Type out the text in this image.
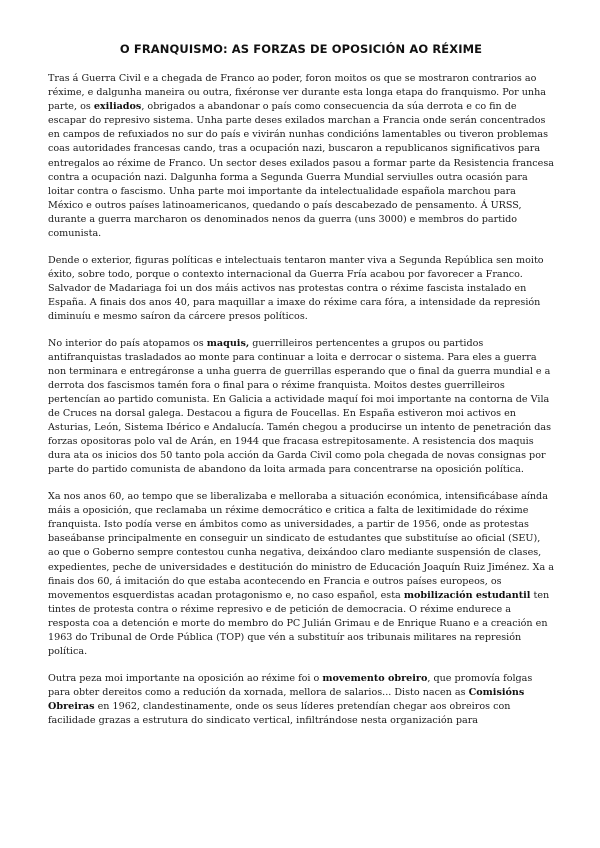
O FRANQUISMO: AS FORZAS DE OPOSICIÓN AO RÉXIME

Tras á Guerra Civil e a chegada de Franco ao poder, foron moitos os que se mostraron contrarios ao réxime, e dalgunha maneira ou outra, fixéronse ver durante esta longa etapa do franquismo. Por unha parte, os exiliados, obrigados a abandonar o país como consecuencia da súa derrota e co fin de escapar do represivo sistema. Unha parte deses exilados marchan a Francia onde serán concentrados en campos de refuxiados no sur do país e vivirán nunhas condicións lamentables ou tiveron problemas coas autoridades francesas cando, tras a ocupación nazi, buscaron a republicanos significativos para entregalos ao réxime de Franco. Un sector deses exilados pasou a formar parte da Resistencia francesa contra a ocupación nazi. Dalgunha forma a Segunda Guerra Mundial serviulles outra ocasión para loitar contra o fascismo. Unha parte moi importante da intelectualidade española marchou para México e outros países latinoamericanos, quedando o país descabezado de pensamento. Á URSS, durante a guerra marcharon os denominados nenos da guerra (uns 3000) e membros do partido comunista.

Dende o exterior, figuras políticas e intelectuais tentaron manter viva a Segunda República sen moito éxito, sobre todo, porque o contexto internacional da Guerra Fría acabou por favorecer a Franco. Salvador de Madariaga foi un dos máis activos nas protestas contra o réxime fascista instalado en España. A finais dos anos 40, para maquillar a imaxe do réxime cara fóra, a intensidade da represión diminuíu e mesmo saíron da cárcere presos políticos.

No interior do país atopamos os maquis, guerrilleiros pertencentes a grupos ou partidos antifranquistas trasladados ao monte para continuar a loita e derrocar o sistema. Para eles a guerra non terminara e entregáronse a unha guerra de guerrillas esperando que o final da guerra mundial e a derrota dos fascismos tamén fora o final para o réxime franquista. Moitos destes guerrilleiros pertencían ao partido comunista. En Galicia a actividade maquí foi moi importante na contorna de Vila de Cruces na dorsal galega. Destacou a figura de Foucellas. En España estiveron moi activos en Asturias, León, Sistema Ibérico e Andalucía. Tamén chegou a producirse un intento de penetración das forzas opositoras polo val de Arán, en 1944 que fracasa estrepitosamente. A resistencia dos maquis dura ata os inicios dos 50 tanto pola acción da Garda Civil como pola chegada de novas consignas por parte do partido comunista de abandono da loita armada para concentrarse na oposición política.

Xa nos anos 60, ao tempo que se liberalizaba e melloraba a situación económica, intensificábase aínda máis a oposición, que reclamaba un réxime democrático e critica a falta de lexitimidade do réxime franquista. Isto podía verse en ámbitos como as universidades, a partir de 1956, onde as protestas baseábanse principalmente en conseguir un sindicato de estudantes que substituíse ao oficial (SEU), ao que o Goberno sempre contestou cunha negativa, deixándoo claro mediante suspensión de clases, expedientes, peche de universidades e destitución do ministro de Educación Joaquín Ruiz Jiménez. Xa a finais dos 60, á imitación do que estaba acontecendo en Francia e outros países europeos, os movementos esquerdistas acadan protagonismo e, no caso español, esta mobilización estudantil ten tintes de protesta contra o réxime represivo e de petición de democracia. O réxime endurece a resposta coa a detención e morte do membro do PC Julián Grimau e de Enrique Ruano e a creación en 1963 do Tribunal de Orde Pública (TOP) que vén a substituír aos tribunais militares na represión política.

Outra peza moi importante na oposición ao réxime foi o movemento obreiro, que promovía folgas para obter dereitos como a redución da xornada, mellora de salarios... Disto nacen as Comisións Obreiras en 1962, clandestinamente, onde os seus líderes pretendían chegar aos obreiros con facilidade grazas a estrutura do sindicato vertical, infiltrándose nesta organización para
